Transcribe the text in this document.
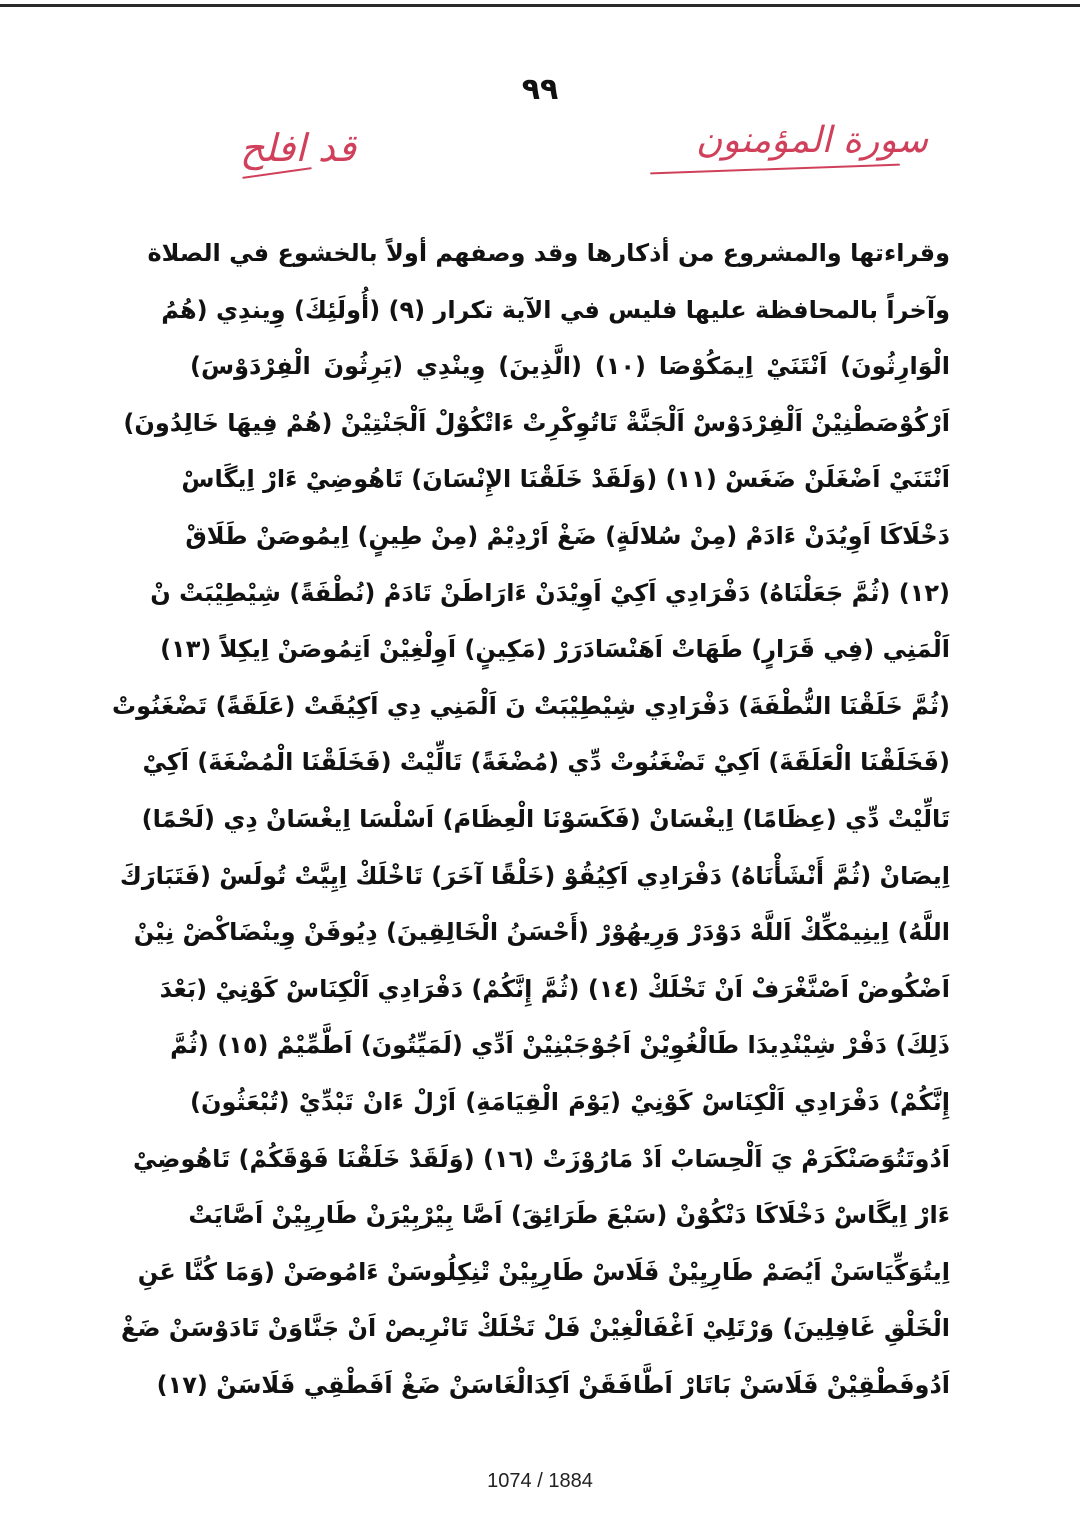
٩٩
سورة المؤمنون
قد افلح
وقراءتها والمشروع من أذكارها وقد وصفهم أولاً بالخشوع في الصلاة
وآخراً بالمحافظة عليها فليس في الآية تكرار (٩) (أُولَئِكَ) وِيندِي (هُمُ
الْوَارِثُونَ) اَنْتَنَيْ اِيمَكُوْصَا (١٠) (الَّذِينَ) وِينْدِي (يَرِثُونَ الْفِرْدَوْسَ)
اَرْكُوْصَطْنِيْنْ اَلْفِرْدَوْسْ اَلْجَنَّةْ تَاتُوِكْرِتْ ءَاتْكُوْلْ اَلْجَنْتِيْنْ (هُمْ فِيهَا خَالِدُونَ)
اَنْتَنَيْ اَضْغَلَنْ ضَغَسْ (١١) (وَلَقَدْ خَلَقْنَا الإِنْسَانَ) تَاهُوضِيْ ءَارْ اِيگَاسْ
دَخْلَاكَا اَوِيُدَنْ ءَادَمْ (مِنْ سُلالَةٍ) ضَغْ اَرْدِيْمْ (مِنْ طِينٍ) اِيمُوصَنْ طَلَاقْ
(١٢) (ثُمَّ جَعَلْنَاهُ) دَفْرَادِي اَكِيْ اَوِيْدَنْ ءَارَاطَنْ تَادَمْ (نُطْفَةً) شِيْطِيْبَتْ نْ
اَلْمَنِي (فِي قَرَارٍ) طَهَاتْ اَهَنْسَادَرَرْ (مَكِينٍ) اَوِلْغِيْنْ اَتِمُوصَنْ اِيكِلاً (١٣)
(ثُمَّ خَلَقْنَا النُّطْفَةَ) دَفْرَادِي شِيْطِيْبَتْ نَ اَلْمَنِي دِي اَكِيُقَتْ (عَلَقَةً) تَضْغَنُوتْ
(فَخَلَقْنَا الْعَلَقَةَ) اَكِيْ تَضْغَنُوتْ دِّي (مُضْغَةً) تَالِّيْتْ (فَخَلَقْنَا الْمُضْغَةَ) اَكِيْ
تَالِّيْتْ دِّي (عِظَامًا) اِيغْسَانْ (فَكَسَوْنَا الْعِظَامَ) اَسْلْسَا اِيغْسَانْ دِي (لَحْمًا)
اِيصَانْ (ثُمَّ أَنْشَأْنَاهُ) دَفْرَادِي اَكِيُقُوْ (خَلْقًا آخَرَ) تَاخْلَكْ اِيِيَّتْ تُولَسْ (فَتَبَارَكَ
اللَّهُ) اِينِيمْكِّكْ اَللَّهْ دَوْدَرْ وَرِيهُوْرْ (أَحْسَنُ الْخَالِقِينَ) دِيُوفَنْ وِينْضَاكْضْ نِيْنْ
اَضْكُوضْ اَصْنَّغْرَفْ اَنْ تَخْلَكْ (١٤) (ثُمَّ إِنَّكُمْ) دَفْرَادِي اَلْكِنَاسْ كَوْنِيْ (بَعْدَ
ذَلِكَ) دَفْرْ شِيْنْدِيدَا طَالْغُوِيْنْ اَجُوْجَبْنِيْنْ اَدِّي (لَمَيِّتُونَ) اَطَّمِّيْمْ (١٥) (ثُمَّ
إِنَّكُمْ) دَفْرَادِي اَلْكِنَاسْ كَوْنِيْ (يَوْمَ الْقِيَامَةِ) اَرْلْ ءَانْ تَبْدِّيْ (تُبْعَثُونَ)
اَدُوتَتُوَصَنْكَرَمْ يَ اَلْحِسَابْ اَدْ مَارُوْزَتْ (١٦) (وَلَقَدْ خَلَقْنَا فَوْقَكُمْ) تَاهُوضِيْ
ءَارْ اِيگَاسْ دَخْلَاكَا دَنْكُوْنْ (سَبْعَ طَرَائِقَ) اَصَّا بِيْرْبِيْرَنْ طَارِيِيْنْ اَصَّايَتْ
اِيتُوَكِّيَاسَنْ اَيُصَمْ طَارِيِيْنْ فَلَاسْ طَارِيِيْنْ تْنِكِلُوسَنْ ءَامُوصَنْ (وَمَا كُنَّا عَنِ
الْخَلْقِ غَافِلِينَ) وَرْتَلِيْ اَغْفَالْغِيْنْ فَلْ تَخْلَكْ تَانْرِيصْ اَنْ جَنَّاوَنْ تَادَوْسَنْ ضَغْ
اَدُوفَطْقِيْنْ فَلَاسَنْ بَاتَارْ اَطَّافَقَنْ اَكِدَالْغَاسَنْ ضَغْ اَفَطْقِي فَلَاسَنْ (١٧)
1074 / 1884
